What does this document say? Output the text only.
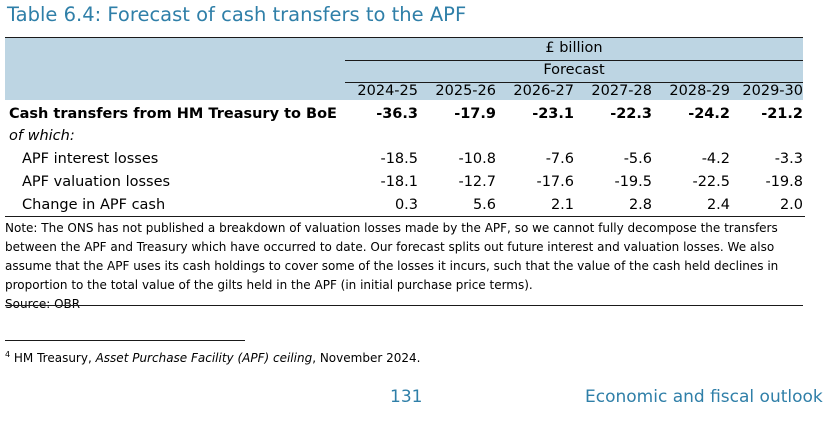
Table 6.4: Forecast of cash transfers to the APF
£ billion
Forecast
2024-25	2025-26	2026-27	2027-28	2028-29 2029-30
Cash transfers from HM Treasury to BoE	-36.3	-17.9	-23.1	-22.3	-24.2	-21.2
of which:
APF interest losses	-18.5	-10.8	-7.6	-5.6	-4.2	-3.3
APF valuation losses	-18.1	-12.7	-17.6	-19.5	-22.5	-19.8
Change in APF cash	0.3	5.6	2.1	2.8	2.4	2.0
Note: The ONS has not published a breakdown of valuation losses made by the APF, so we cannot fully decompose the transfers
between the APF and Treasury which have occurred to date. Our forecast splits out future interest and valuation losses. We also
assume that the APF uses its cash holdings to cover some of the losses it incurs, such that the value of the cash held declines in
proportion to the total value of the gilts held in the APF (in initial purchase price terms).
Source: OBR
$^4$ HM Treasury, Asset Purchase Facility (APF) ceiling, November 2024.
131	Economic and fiscal outlook
